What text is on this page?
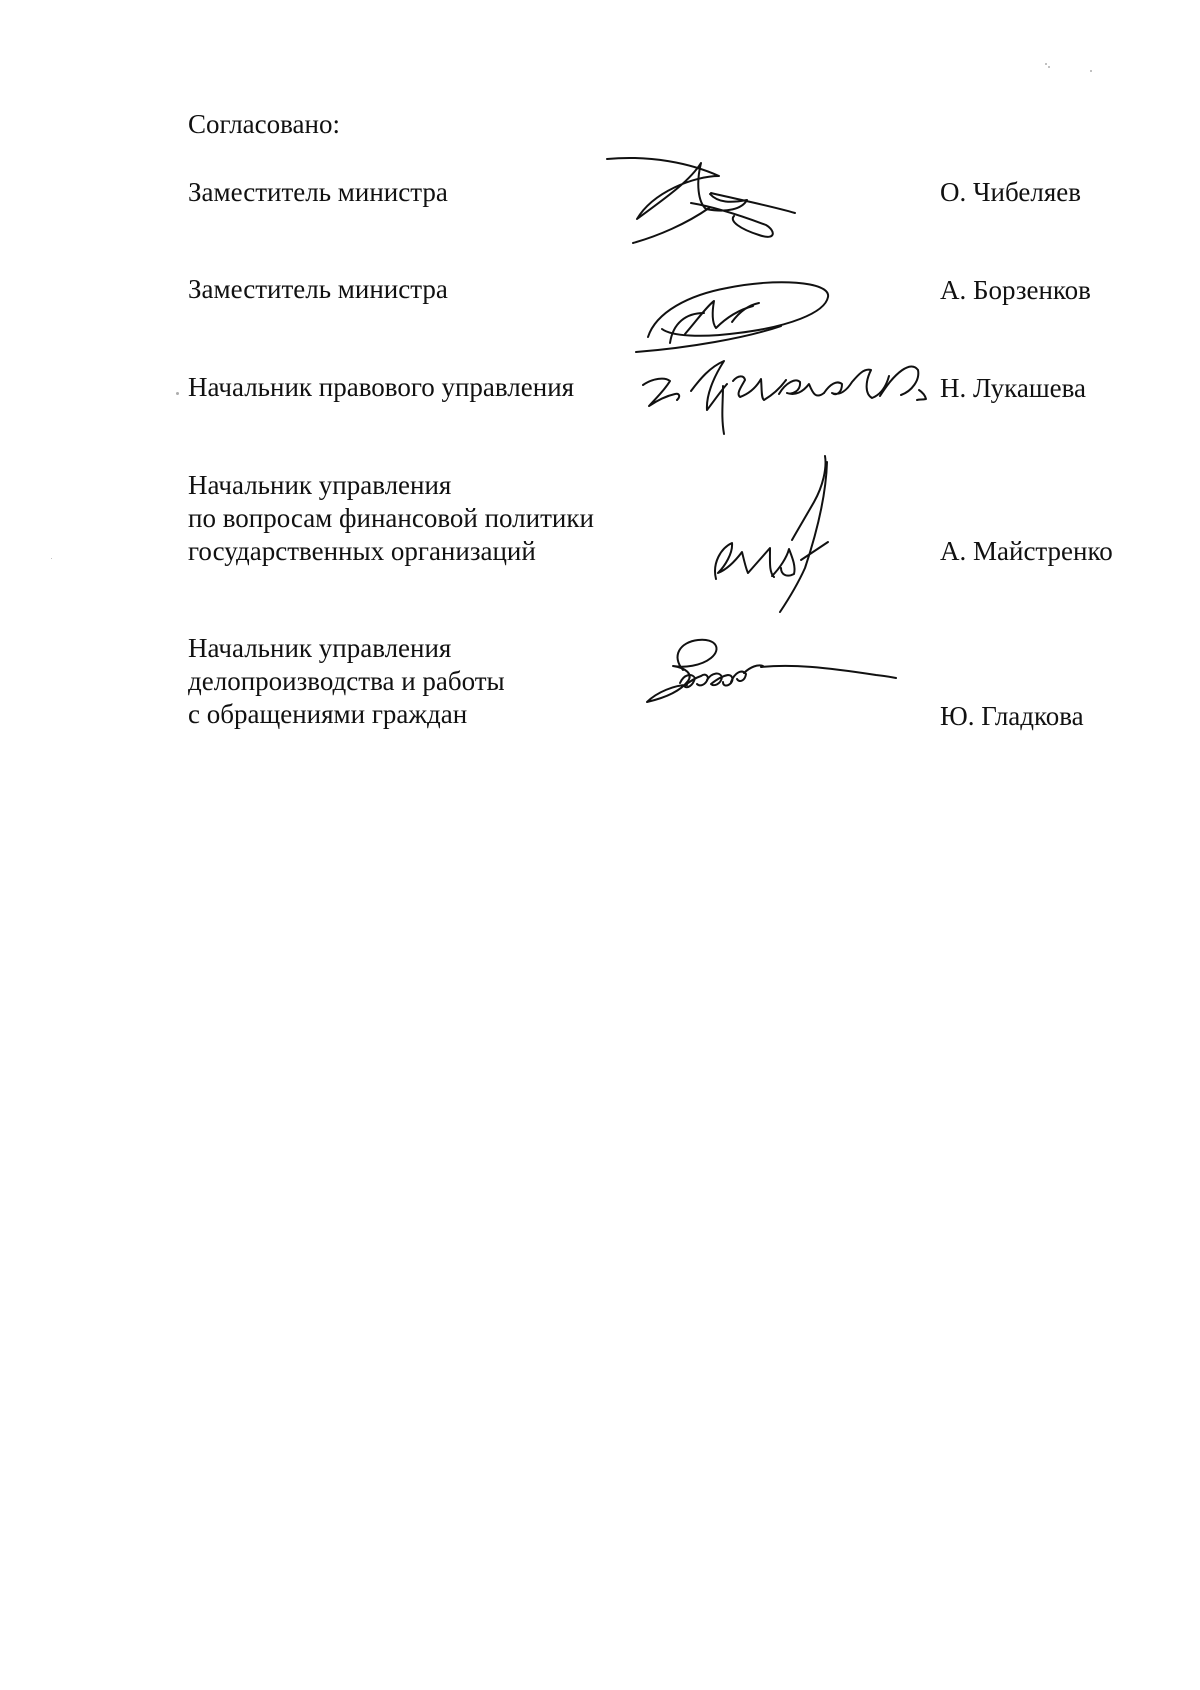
Согласовано:
Заместитель министра	О. Чибеляев
Заместитель министра	А. Борзенков
Начальник правового управления	Н. Лукашева
Начальник управления
по вопросам финансовой политики
государственных организаций	А. Майстренко
Начальник управления
делопроизводства и работы
с обращениями граждан	Ю. Гладкова
